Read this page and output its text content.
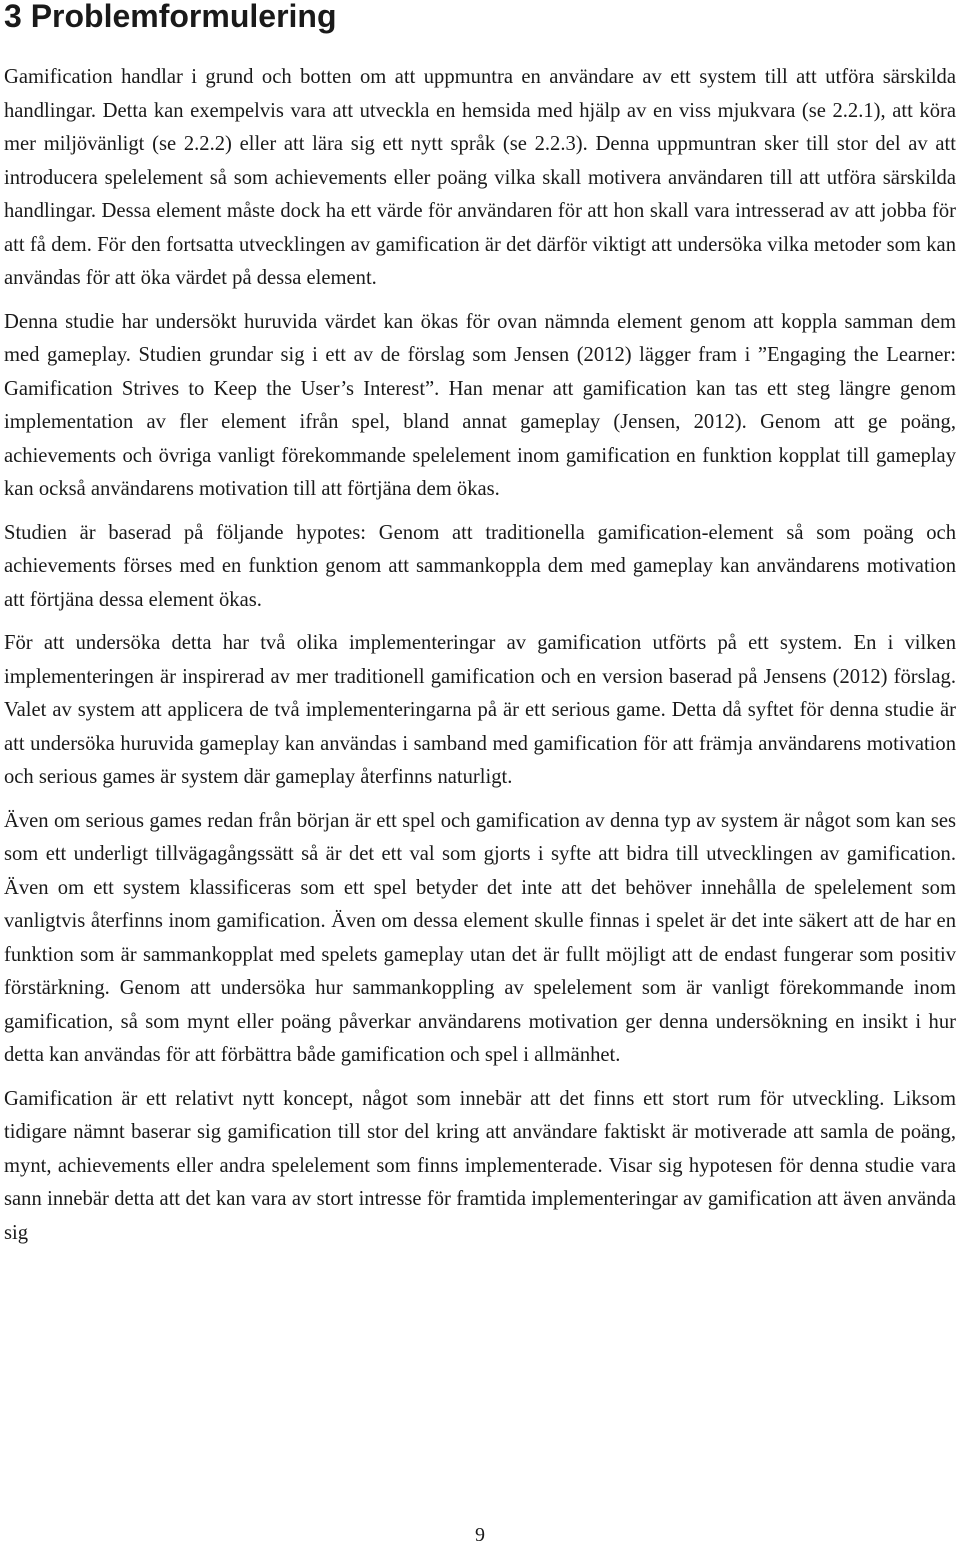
3 Problemformulering

Gamification handlar i grund och botten om att uppmuntra en användare av ett system till att utföra särskilda handlingar. Detta kan exempelvis vara att utveckla en hemsida med hjälp av en viss mjukvara (se 2.2.1), att köra mer miljövänligt (se 2.2.2) eller att lära sig ett nytt språk (se 2.2.3). Denna uppmuntran sker till stor del av att introducera spelelement så som achievements eller poäng vilka skall motivera användaren till att utföra särskilda handlingar. Dessa element måste dock ha ett värde för användaren för att hon skall vara intresserad av att jobba för att få dem. För den fortsatta utvecklingen av gamification är det därför viktigt att undersöka vilka metoder som kan användas för att öka värdet på dessa element.

Denna studie har undersökt huruvida värdet kan ökas för ovan nämnda element genom att koppla samman dem med gameplay. Studien grundar sig i ett av de förslag som Jensen (2012) lägger fram i ”Engaging the Learner: Gamification Strives to Keep the User’s Interest”. Han menar att gamification kan tas ett steg längre genom implementation av fler element ifrån spel, bland annat gameplay (Jensen, 2012). Genom att ge poäng, achievements och övriga vanligt förekommande spelelement inom gamification en funktion kopplat till gameplay kan också användarens motivation till att förtjäna dem ökas.

Studien är baserad på följande hypotes: Genom att traditionella gamification-element så som poäng och achievements förses med en funktion genom att sammankoppla dem med gameplay kan användarens motivation att förtjäna dessa element ökas.

För att undersöka detta har två olika implementeringar av gamification utförts på ett system. En i vilken implementeringen är inspirerad av mer traditionell gamification och en version baserad på Jensens (2012) förslag. Valet av system att applicera de två implementeringarna på är ett serious game. Detta då syftet för denna studie är att undersöka huruvida gameplay kan användas i samband med gamification för att främja användarens motivation och serious games är system där gameplay återfinns naturligt.

Även om serious games redan från början är ett spel och gamification av denna typ av system är något som kan ses som ett underligt tillvägagångssätt så är det ett val som gjorts i syfte att bidra till utvecklingen av gamification. Även om ett system klassificeras som ett spel betyder det inte att det behöver innehålla de spelelement som vanligtvis återfinns inom gamification. Även om dessa element skulle finnas i spelet är det inte säkert att de har en funktion som är sammankopplat med spelets gameplay utan det är fullt möjligt att de endast fungerar som positiv förstärkning. Genom att undersöka hur sammankoppling av spelelement som är vanligt förekommande inom gamification, så som mynt eller poäng påverkar användarens motivation ger denna undersökning en insikt i hur detta kan användas för att förbättra både gamification och spel i allmänhet.

Gamification är ett relativt nytt koncept, något som innebär att det finns ett stort rum för utveckling. Liksom tidigare nämnt baserar sig gamification till stor del kring att användare faktiskt är motiverade att samla de poäng, mynt, achievements eller andra spelelement som finns implementerade. Visar sig hypotesen för denna studie vara sann innebär detta att det kan vara av stort intresse för framtida implementeringar av gamification att även använda sig

9
